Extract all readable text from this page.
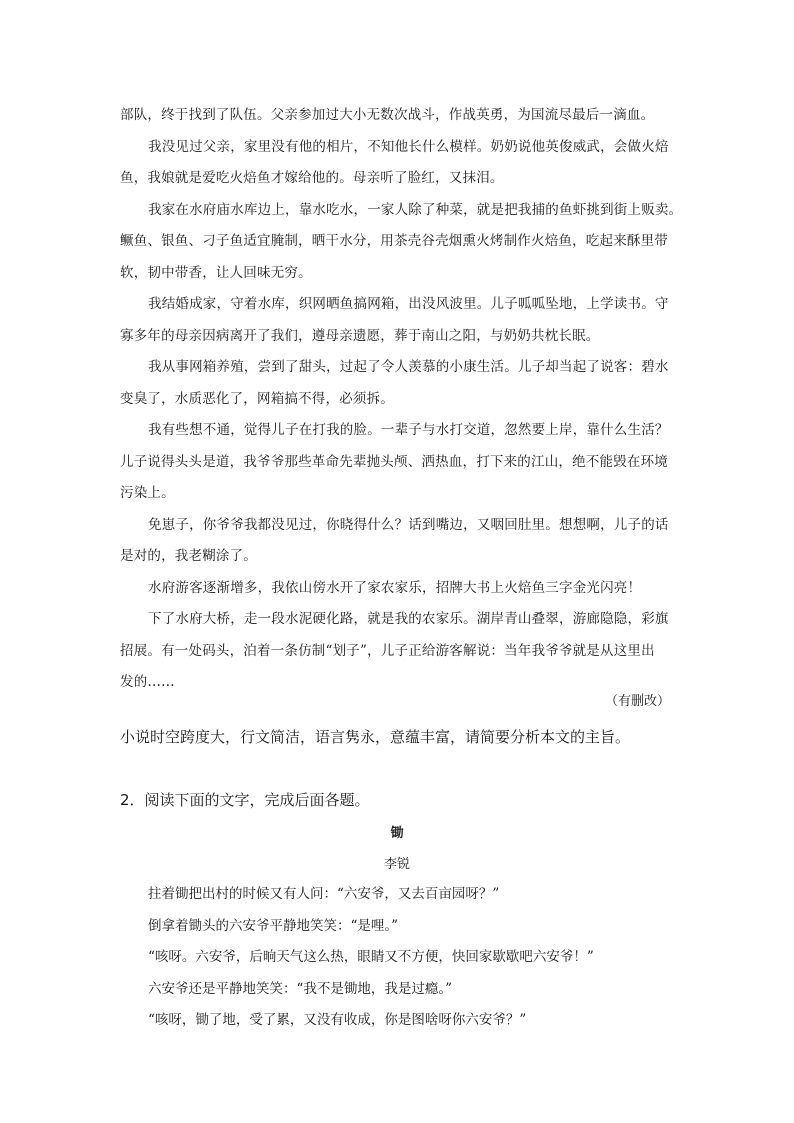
部队，终于找到了队伍。父亲参加过大小无数次战斗，作战英勇，为国流尽最后一滴血。
我没见过父亲，家里没有他的相片，不知他长什么模样。奶奶说他英俊威武，会做火焙
鱼，我娘就是爱吃火焙鱼才嫁给他的。母亲听了脸红，又抹泪。
我家在水府庙水库边上，靠水吃水，一家人除了种菜，就是把我捕的鱼虾挑到街上贩卖。
鳜鱼、银鱼、刁子鱼适宜腌制，晒干水分，用茶壳谷壳烟熏火烤制作火焙鱼，吃起来酥里带
软，韧中带香，让人回味无穷。
我结婚成家，守着水库，织网晒鱼搞网箱，出没风波里。儿子呱呱坠地，上学读书。守
寡多年的母亲因病离开了我们，遵母亲遗愿，葬于南山之阳，与奶奶共枕长眠。
我从事网箱养殖，尝到了甜头，过起了令人羡慕的小康生活。儿子却当起了说客：碧水
变臭了，水质恶化了，网箱搞不得，必须拆。
我有些想不通，觉得儿子在打我的脸。一辈子与水打交道，忽然要上岸，靠什么生活？
儿子说得头头是道，我爷爷那些革命先辈抛头颅、洒热血，打下来的江山，绝不能毁在环境
污染上。
免崽子，你爷爷我都没见过，你晓得什么？话到嘴边，又咽回肚里。想想啊，儿子的话
是对的，我老糊涂了。
水府游客逐渐增多，我依山傍水开了家农家乐，招牌大书上火焙鱼三字金光闪亮！
下了水府大桥，走一段水泥硬化路，就是我的农家乐。湖岸青山叠翠，游廊隐隐，彩旗
招展。有一处码头，泊着一条仿制“划子”，儿子正给游客解说：当年我爷爷就是从这里出
发的……
（有删改）
小说时空跨度大，行文简洁，语言隽永，意蕴丰富，请简要分析本文的主旨。
2．阅读下面的文字，完成后面各题。
锄
李锐
拄着锄把出村的时候又有人问：“六安爷，又去百亩园呀？”
倒拿着锄头的六安爷平静地笑笑：“是哩。”
“咳呀。六安爷，后晌天气这么热，眼睛又不方便，快回家歇歇吧六安爷！”
六安爷还是平静地笑笑：“我不是锄地，我是过瘾。”
“咳呀，锄了地，受了累，又没有收成，你是图啥呀你六安爷？”
